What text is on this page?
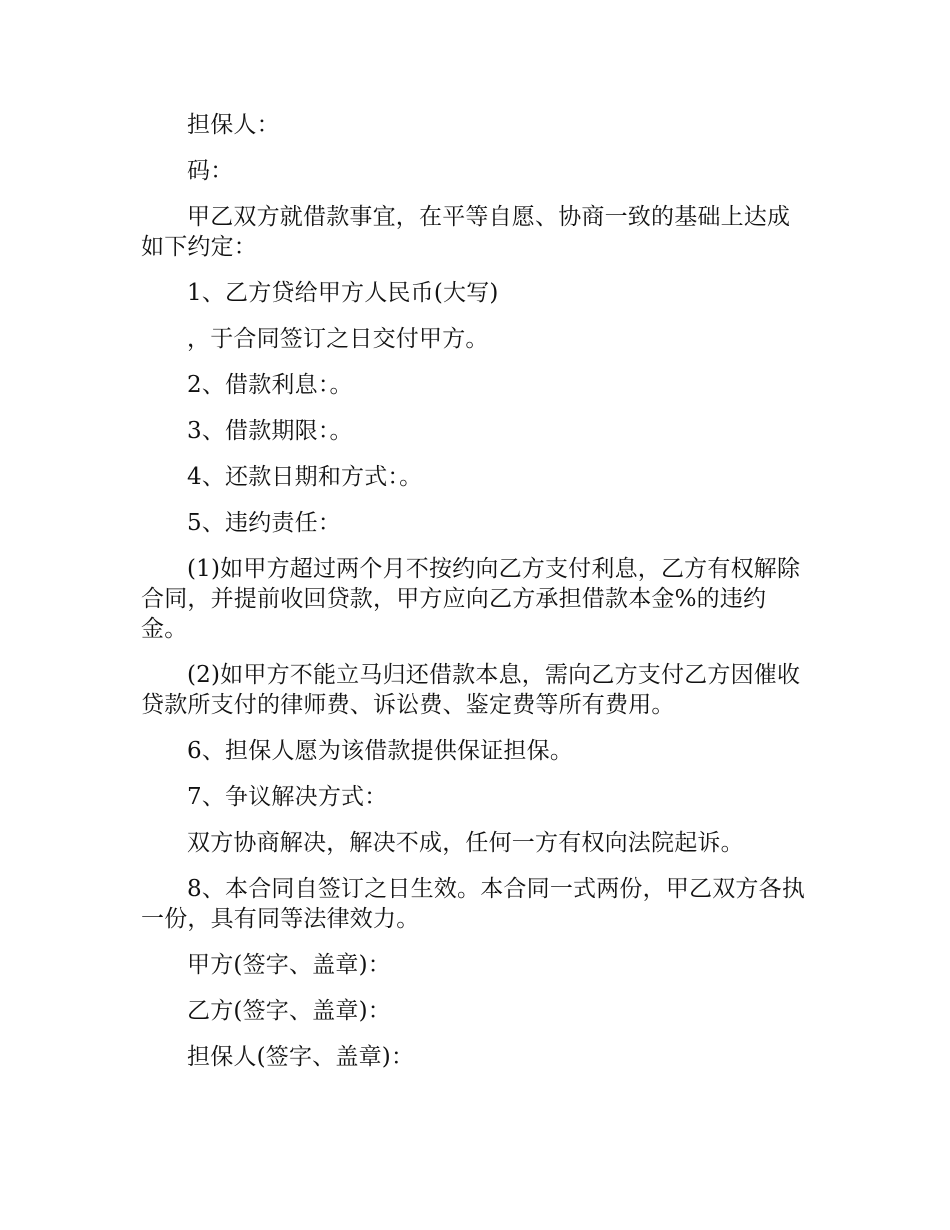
担保人：

码：

甲乙双方就借款事宜，在平等自愿、协商一致的基础上达成如下约定：

1、乙方贷给甲方人民币(大写)

，于合同签订之日交付甲方。

2、借款利息：。

3、借款期限：。

4、还款日期和方式：。

5、违约责任：

(1)如甲方超过两个月不按约向乙方支付利息，乙方有权解除合同，并提前收回贷款，甲方应向乙方承担借款本金%的违约金。

(2)如甲方不能立马归还借款本息，需向乙方支付乙方因催收贷款所支付的律师费、诉讼费、鉴定费等所有费用。

6、担保人愿为该借款提供保证担保。

7、争议解决方式：

双方协商解决，解决不成，任何一方有权向法院起诉。

8、本合同自签订之日生效。本合同一式两份，甲乙双方各执一份，具有同等法律效力。

甲方(签字、盖章)：

乙方(签字、盖章)：

担保人(签字、盖章)：
